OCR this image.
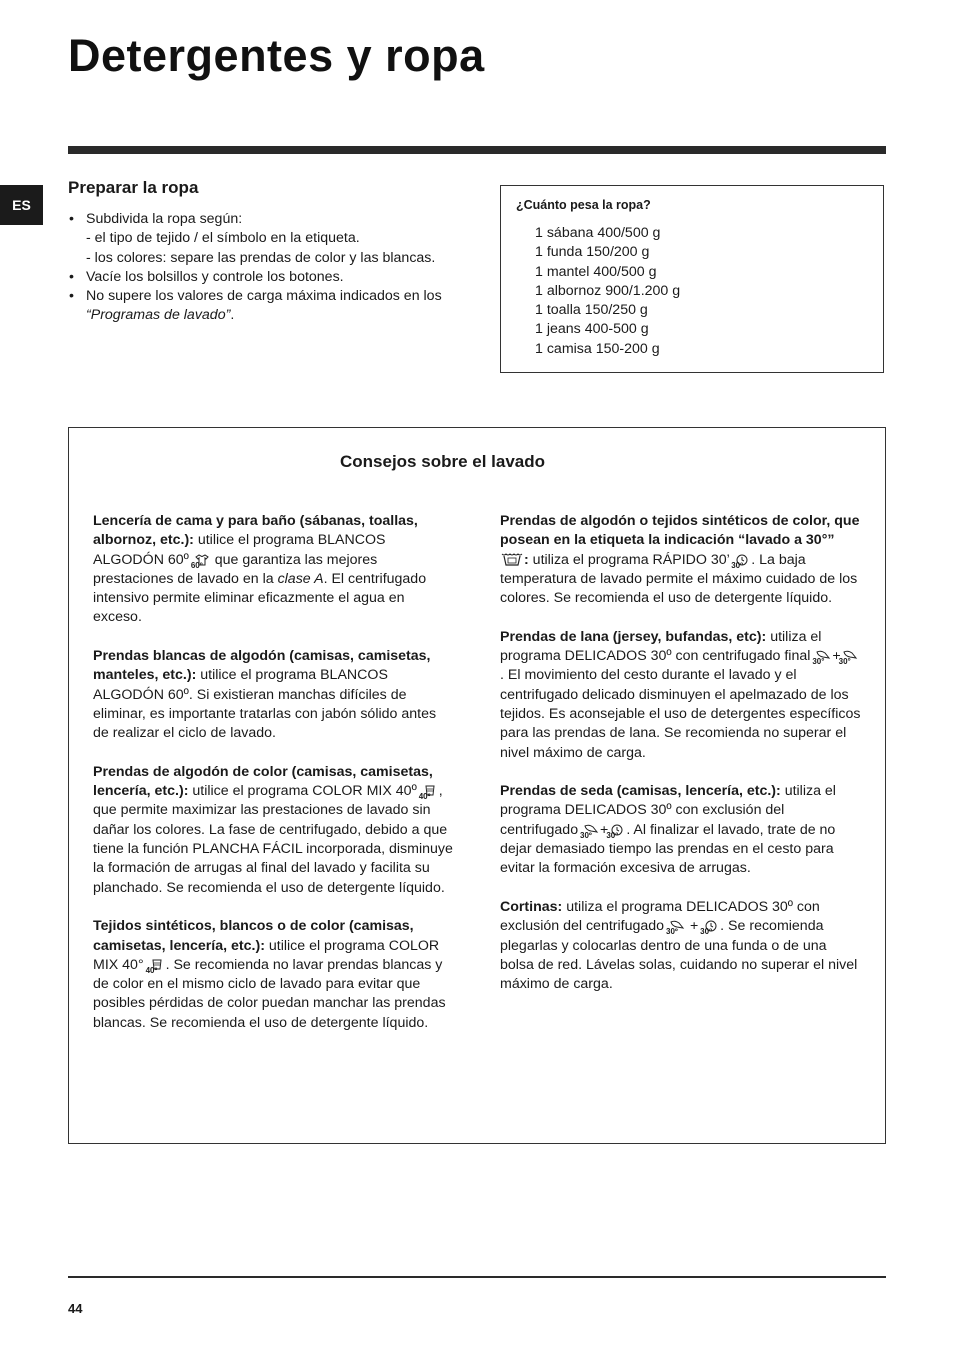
Detergentes y ropa
ES
Preparar la ropa
• Subdivida la ropa según:
- el tipo de tejido / el símbolo en la etiqueta.
- los colores: separe las prendas de color y las blancas.
• Vacíe los bolsillos y controle los botones.
• No supere los valores de carga máxima indicados en los “Programas de lavado”.
¿Cuánto pesa la ropa?
1 sábana 400/500 g
1 funda 150/200 g
1 mantel 400/500 g
1 albornoz 900/1.200 g
1 toalla 150/250 g
1 jeans 400-500 g
1 camisa 150-200 g
Consejos sobre el lavado

Lencería de cama y para baño (sábanas, toallas, albornoz, etc.): utilice el programa BLANCOS ALGODÓN 60º
60º que garantiza las mejores prestaciones de lavado en la clase A. El centrifugado intensivo permite eliminar eficazmente el agua en exceso.

Prendas blancas de algodón (camisas, camisetas, manteles, etc.): utilice el programa BLANCOS ALGODÓN 60º. Si existieran manchas difíciles de eliminar, es importante tratarlas con jabón sólido antes de realizar el ciclo de lavado.

Prendas de algodón de color (camisas, camisetas, lencería, etc.): utilice el programa COLOR MIX 40º
40º , que permite maximizar las prestaciones de lavado sin dañar los colores. La fase de centrifugado, debido a que tiene la función PLANCHA FÁCIL incorporada, disminuye la formación de arrugas al final del lavado y facilita su planchado. Se recomienda el uso de detergente líquido.

Tejidos sintéticos, blancos o de color (camisas, camisetas, lencería, etc.): utilice el programa COLOR MIX 40°
40º . Se recomienda no lavar prendas blancas y de color en el mismo ciclo de lavado para evitar que posibles pérdidas de color puedan manchar las prendas blancas. Se recomienda el uso de detergente líquido.

Prendas de algodón o tejidos sintéticos de color, que posean en la etiqueta la indicación “lavado a 30°” : utiliza el programa RÁPIDO 30’
30º . La baja temperatura de lavado permite el máximo cuidado de los colores. Se recomienda el uso de detergente líquido.

Prendas de lana (jersey, bufandas, etc): utiliza el programa DELICADOS 30º con centrifugado final
30° +
30°
. El movimiento del cesto durante el lavado y el centrifugado delicado disminuyen el apelmazado de los tejidos. Es aconsejable el uso de detergentes específicos para las prendas de lana. Se recomienda no superar el nivel máximo de carga.

Prendas de seda (camisas, lencería, etc.): utiliza el programa DELICADOS 30º con exclusión del centrifugado
30º +
30º . Al finalizar el lavado, trate de no dejar demasiado tiempo las prendas en el cesto para evitar la formación excesiva de arrugas.

Cortinas: utiliza el programa DELICADOS 30º con exclusión del centrifugado
30º +
30º . Se recomienda plegarlas y colocarlas dentro de una funda o de una bolsa de red. Lávelas solas, cuidando no superar el nivel máximo de carga.

44
